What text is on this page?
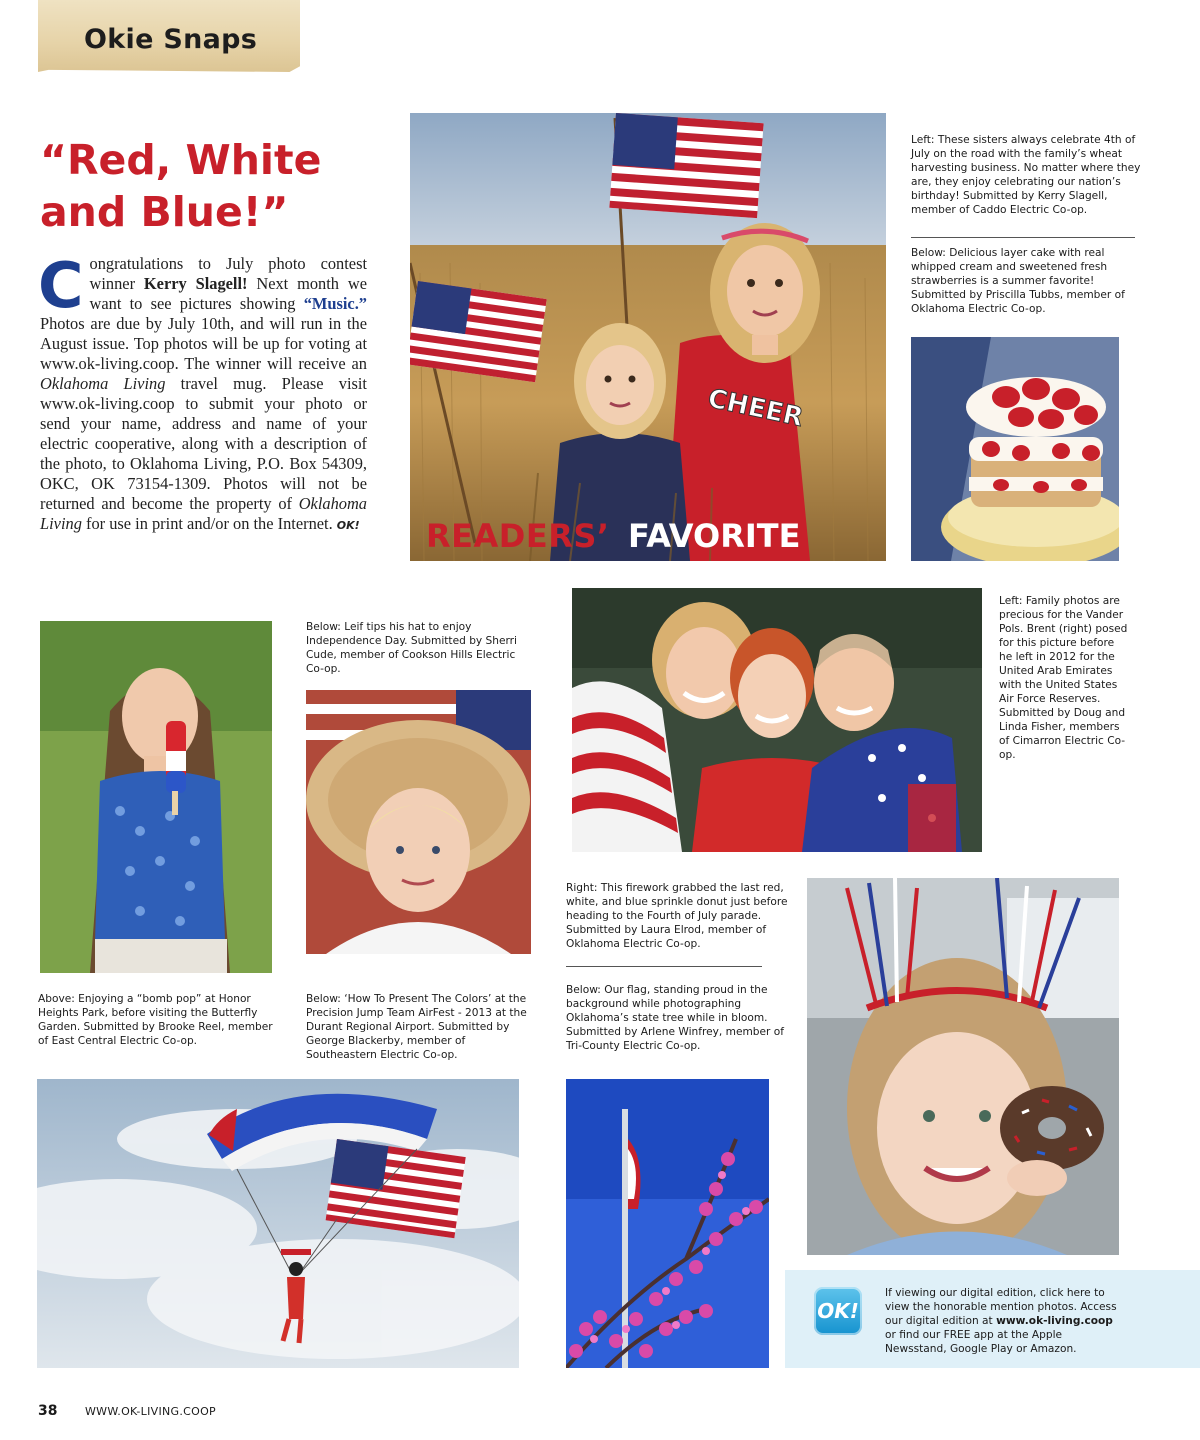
Okie Snaps
“Red, White
and Blue!”
Congratulations to July photo contest winner Kerry Slagell! Next month we want to see pictures showing “Music.” Photos are due by July 10th, and will run in the August issue. Top photos will be up for voting at www.ok-living.coop. The winner will receive an Oklahoma Living travel mug. Please visit www.ok-living.coop to submit your photo or send your name, address and name of your electric cooperative, along with a description of the photo, to Oklahoma Living, P.O. Box 54309, OKC, OK 73154-1309. Photos will not be returned and become the property of Oklahoma Living for use in print and/or on the Internet. OK!
CHEER
READERS’ FAVORITE
Left: These sisters always celebrate 4th of July on the road with the family’s wheat harvesting business. No matter where they are, they enjoy celebrating our nation’s birthday! Submitted by Kerry Slagell, member of Caddo Electric Co-op.
Below: Delicious layer cake with real whipped cream and sweetened fresh strawberries is a summer favorite! Submitted by Priscilla Tubbs, member of Oklahoma Electric Co-op.
Below: Leif tips his hat to enjoy Independence Day. Submitted by Sherri Cude, member of Cookson Hills Electric Co-op.
Left: Family photos are precious for the Vander Pols. Brent (right) posed for this picture before he left in 2012 for the United Arab Emirates with the United States Air Force Reserves. Submitted by Doug and Linda Fisher, members of Cimarron Electric Co-op.
Right: This firework grabbed the last red, white, and blue sprinkle donut just before heading to the Fourth of July parade. Submitted by Laura Elrod, member of Oklahoma Electric Co-op.
Above: Enjoying a “bomb pop” at Honor Heights Park, before visiting the Butterfly Garden. Submitted by Brooke Reel, member of East Central Electric Co-op.
Below: ‘How To Present The Colors’ at the Precision Jump Team AirFest - 2013 at the Durant Regional Airport. Submitted by George Blackerby, member of Southeastern Electric Co-op.
Below: Our flag, standing proud in the background while photographing Oklahoma’s state tree while in bloom. Submitted by Arlene Winfrey, member of Tri-County Electric Co-op.
OK!
If viewing our digital edition, click here to view the honorable mention photos. Access our digital edition at www.ok-living.coop or find our FREE app at the Apple Newsstand, Google Play or Amazon.
38	WWW.OK-LIVING.COOP
